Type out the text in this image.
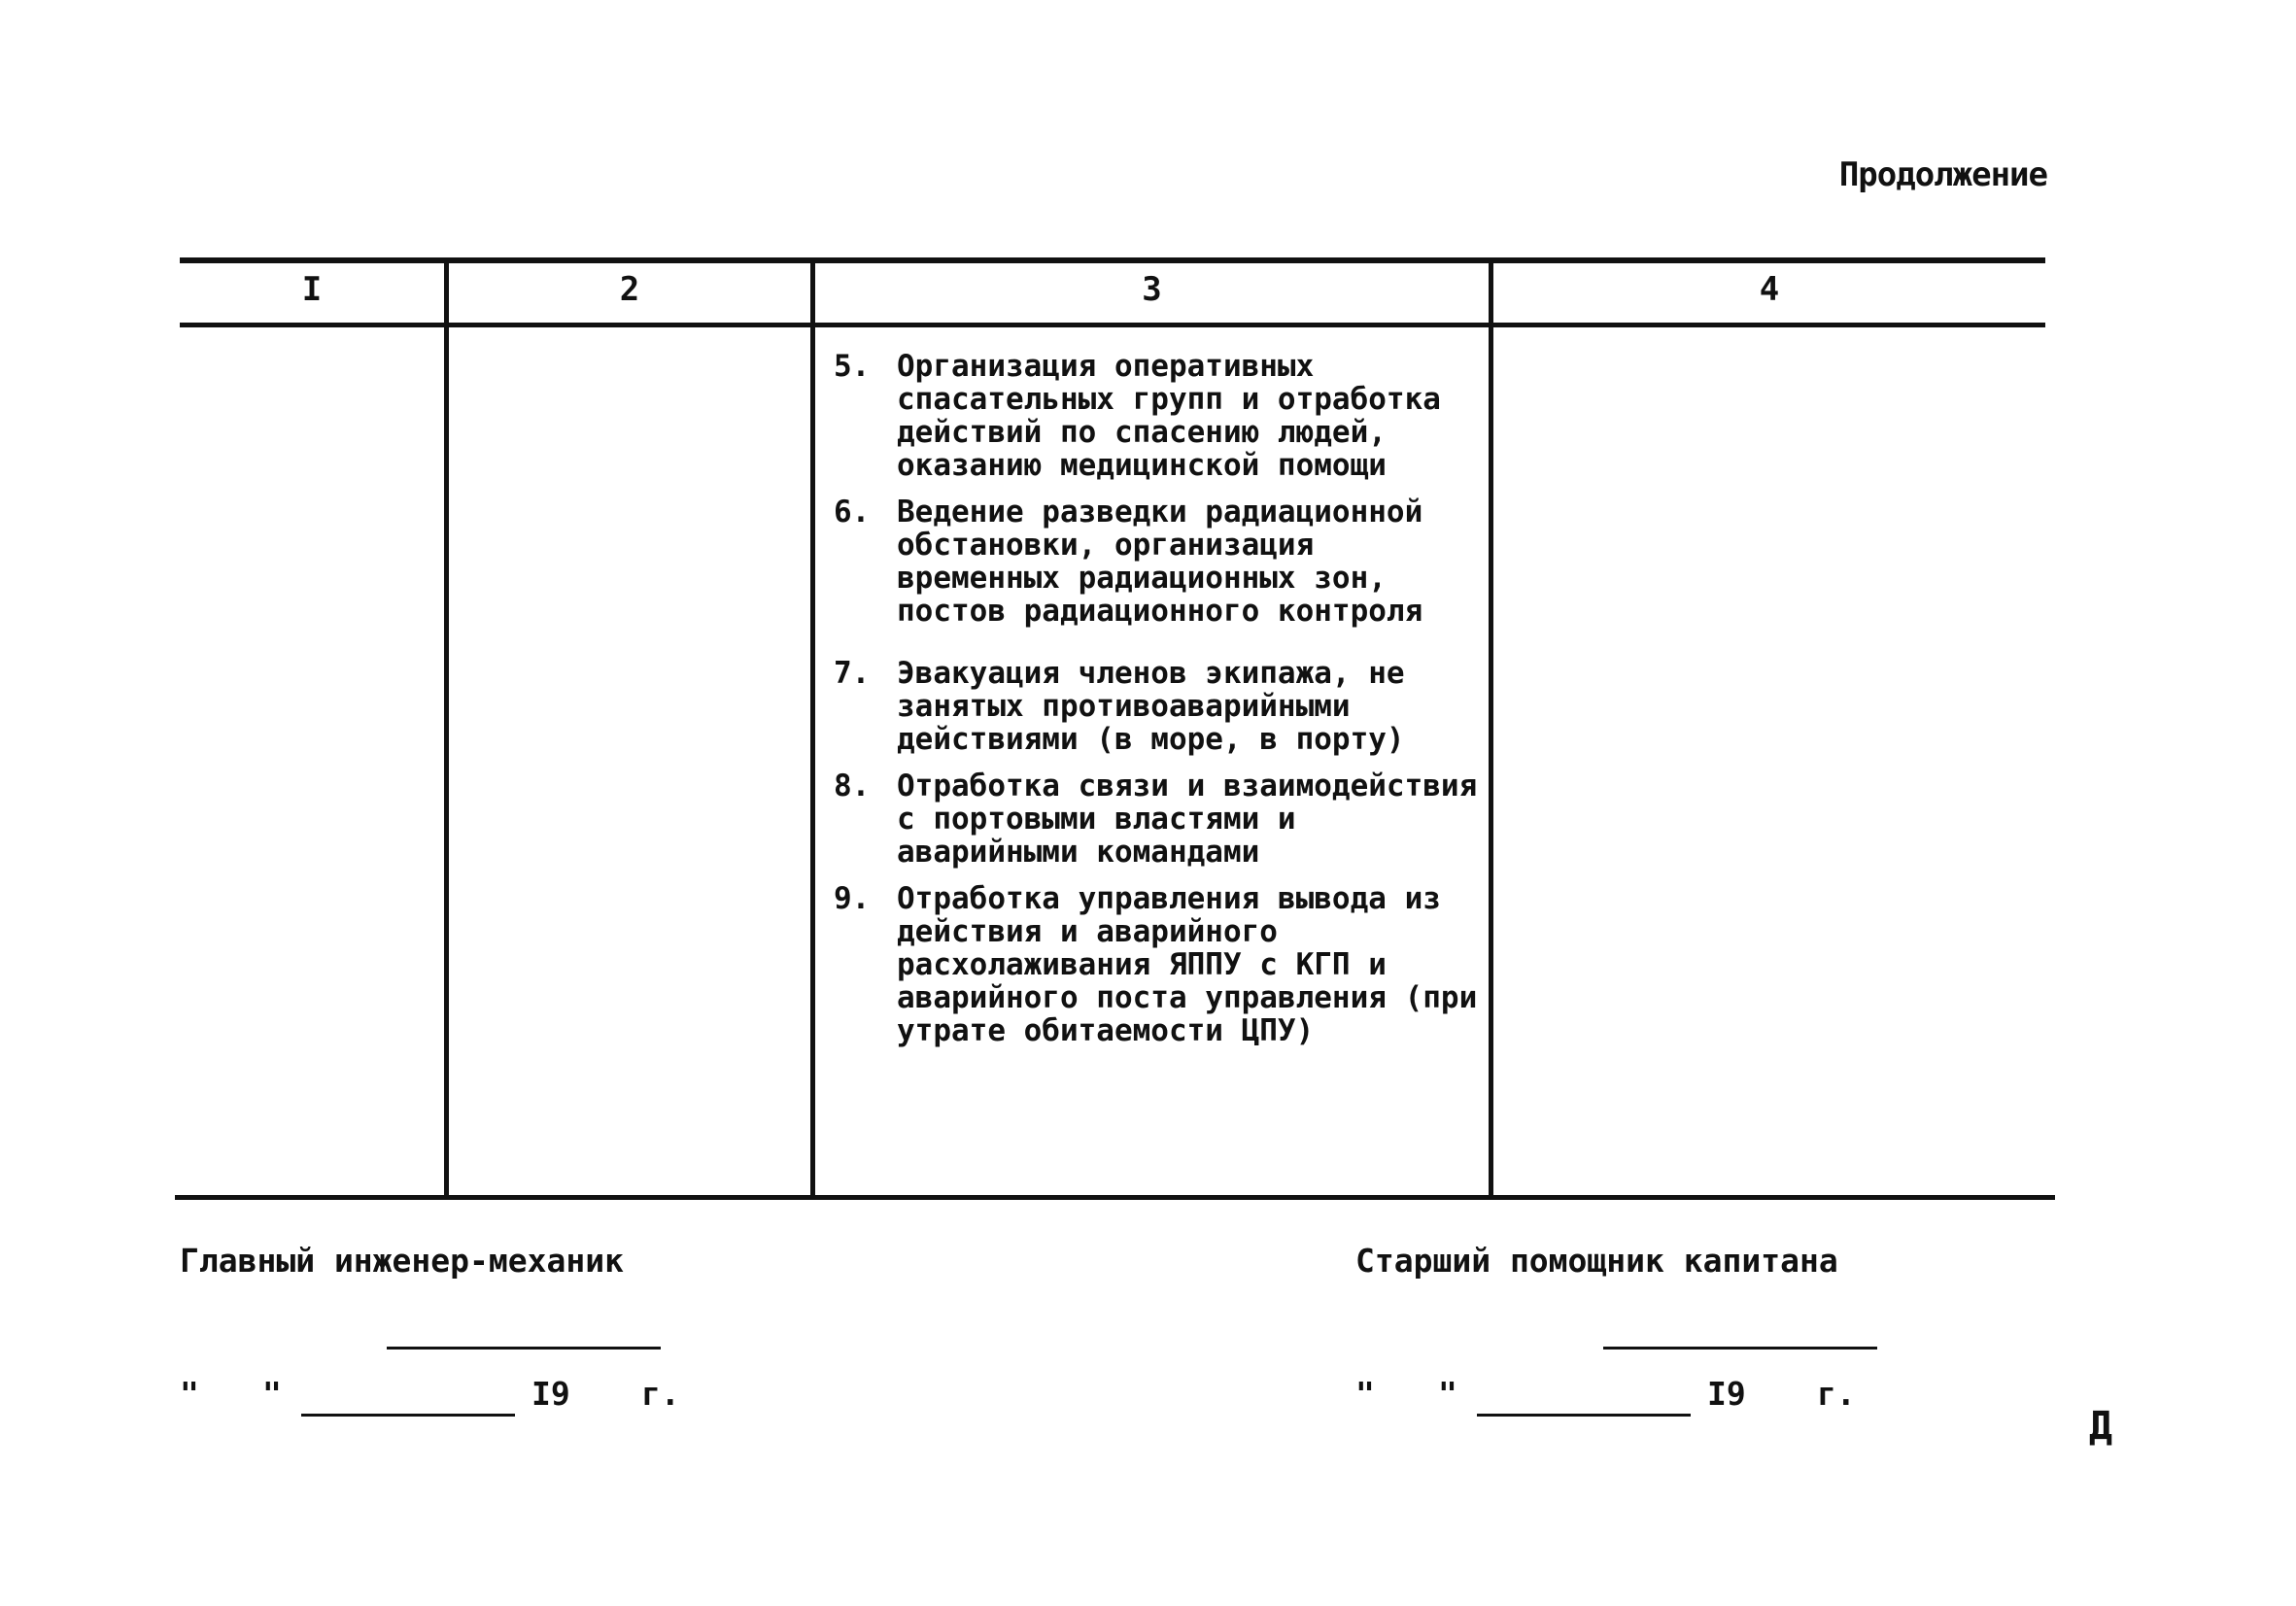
Продолжение
I	2	3	4
5. Организация оперативных спасательных групп и отработка действий по спасению людей, оказанию медицинской помощи
6. Ведение разведки радиационной обстановки, организация временных радиационных зон, постов радиационного контроля
7. Эвакуация членов экипажа, не занятых противоаварийными действиями (в море, в порту)
8. Отработка связи и взаимодействия с портовыми властями и аварийными командами
9. Отработка управления вывода из действия и аварийного расхолаживания ЯППУ с КГП и аварийного поста управления (при утрате обитаемости ЦПУ)
Главный инженер-механик	Старший помощник капитана
" "	I9 г.	" "	I9 г.
Д
